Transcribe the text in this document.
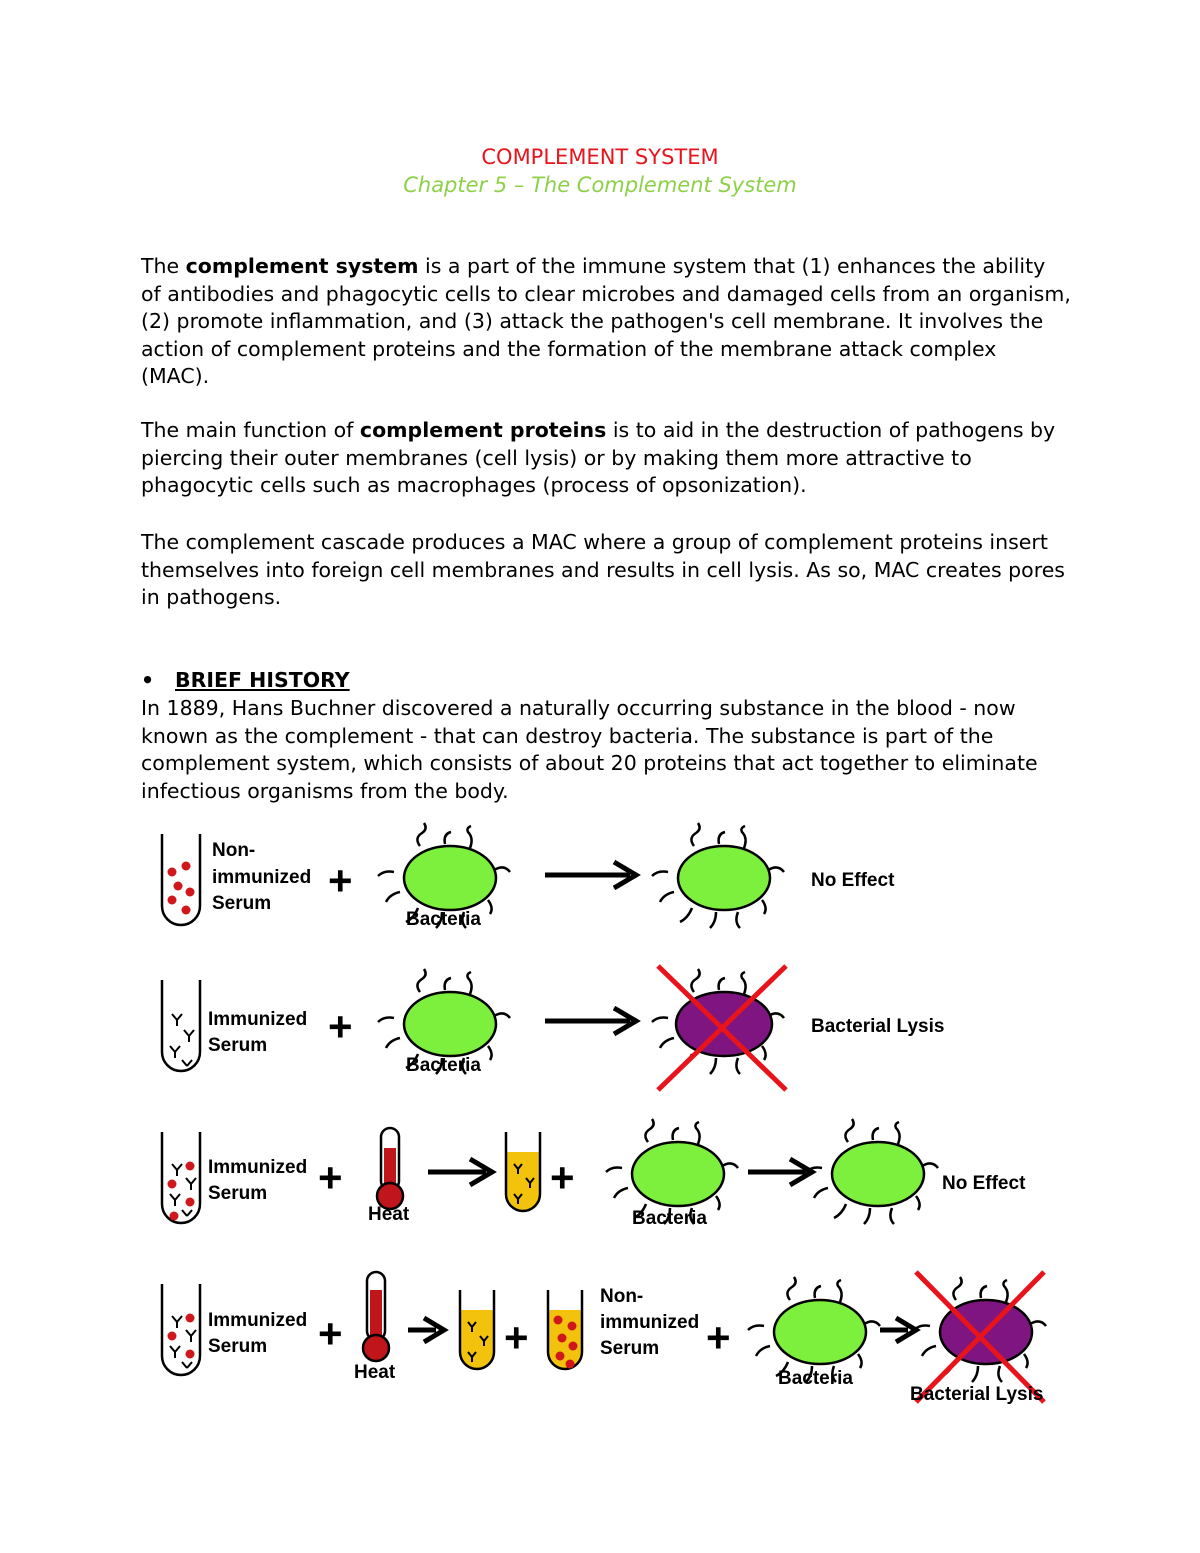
COMPLEMENT SYSTEM
Chapter 5 – The Complement System

The complement system is a part of the immune system that (1) enhances the ability of antibodies and phagocytic cells to clear microbes and damaged cells from an organism, (2) promote inflammation, and (3) attack the pathogen's cell membrane. It involves the action of complement proteins and the formation of the membrane attack complex (MAC).

The main function of complement proteins is to aid in the destruction of pathogens by piercing their outer membranes (cell lysis) or by making them more attractive to phagocytic cells such as macrophages (process of opsonization).

The complement cascade produces a MAC where a group of complement proteins insert themselves into foreign cell membranes and results in cell lysis. As so, MAC creates pores in pathogens.

• BRIEF HISTORY

In 1889, Hans Buchner discovered a naturally occurring substance in the blood - now known as the complement - that can destroy bacteria. The substance is part of the complement system, which consists of about 20 proteins that act together to eliminate infectious organisms from the body.

Non-
immunized
Serum +
Bacteria
No Effect
Immunized
Serum +
Bacteria
Bacterial Lysis
Immunized
Serum +
Heat
+
Bacteria
No Effect
Immunized
Serum +
Heat
+
Non-
immunized
Serum +
Bacteria
Bacterial Lysis
